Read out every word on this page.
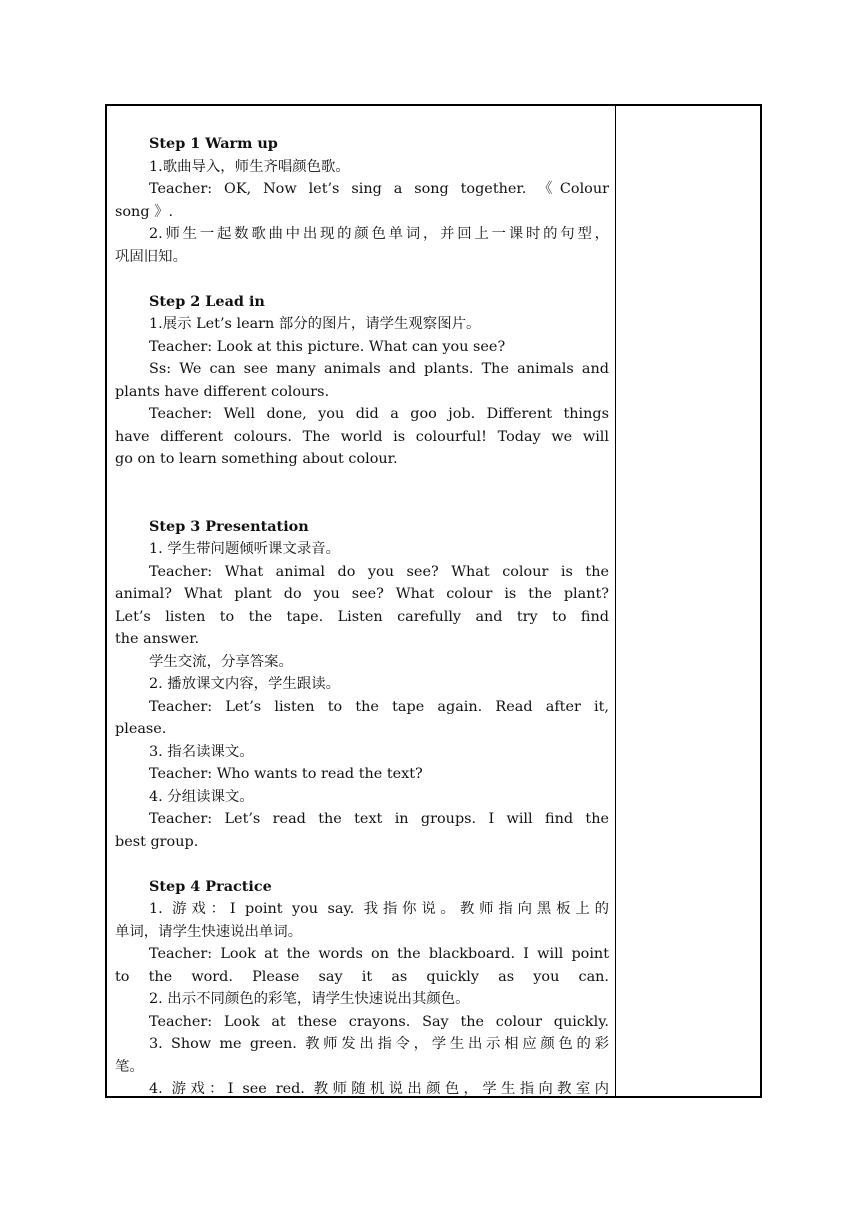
Step 1 Warm up
1.歌曲导入，师生齐唱颜色歌。
Teacher: OK, Now let’s sing a song together. 《Colour
song 》.
2.师生一起数歌曲中出现的颜色单词，并回上一课时的句型，
巩固旧知。
Step 2 Lead in
1.展示 Let’s learn 部分的图片，请学生观察图片。
Teacher: Look at this picture. What can you see?
Ss: We can see many animals and plants. The animals and
plants have different colours.
Teacher: Well done, you did a goo job. Different things
have different colours. The world is colourful! Today we will
go on to learn something about colour.
Step 3 Presentation
1. 学生带问题倾听课文录音。
Teacher: What animal do you see? What colour is the
animal? What plant do you see? What colour is the plant?
Let’s listen to the tape. Listen carefully and try to find
the answer.
学生交流，分享答案。
2. 播放课文内容，学生跟读。
Teacher: Let’s listen to the tape again. Read after it,
please.
3. 指名读课文。
Teacher: Who wants to read the text?
4. 分组读课文。
Teacher: Let’s read the text in groups. I will find the
best group.
Step 4 Practice
1. 游戏：I point you say. 我指你说。教师指向黑板上的
单词，请学生快速说出单词。
Teacher: Look at the words on the blackboard. I will point
to the word. Please say it as quickly as you can.
2. 出示不同颜色的彩笔，请学生快速说出其颜色。
Teacher: Look at these crayons. Say the colour quickly.
3. Show me green. 教师发出指令，学生出示相应颜色的彩
笔。
4. 游戏：I see red. 教师随机说出颜色，学生指向教室内
